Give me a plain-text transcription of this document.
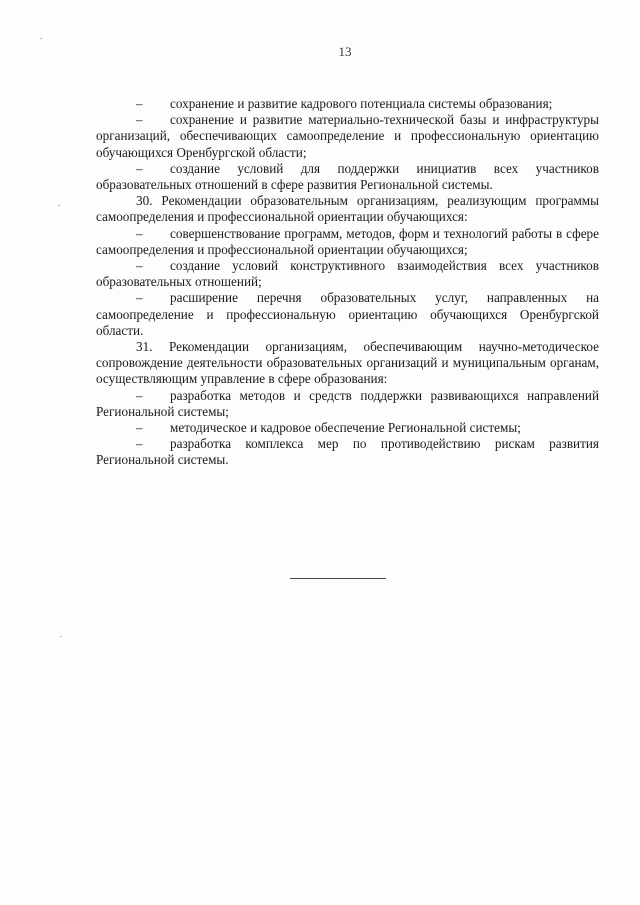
13

– сохранение и развитие кадрового потенциала системы образования;

– сохранение и развитие материально-технической базы и инфраструктуры организаций, обеспечивающих самоопределение и профессиональную ориентацию обучающихся Оренбургской области;

– создание условий для поддержки инициатив всех участников образовательных отношений в сфере развития Региональной системы.

30. Рекомендации образовательным организациям, реализующим программы самоопределения и профессиональной ориентации обучающихся:

– совершенствование программ, методов, форм и технологий работы в сфере самоопределения и профессиональной ориентации обучающихся;

– создание условий конструктивного взаимодействия всех участников образовательных отношений;

– расширение перечня образовательных услуг, направленных на самоопределение и профессиональную ориентацию обучающихся Оренбургской области.

31. Рекомендации организациям, обеспечивающим научно-методическое сопровождение деятельности образовательных организаций и муниципальным органам, осуществляющим управление в сфере образования:

– разработка методов и средств поддержки развивающихся направлений Региональной системы;

– методическое и кадровое обеспечение Региональной системы;

– разработка комплекса мер по противодействию рискам развития Региональной системы.
